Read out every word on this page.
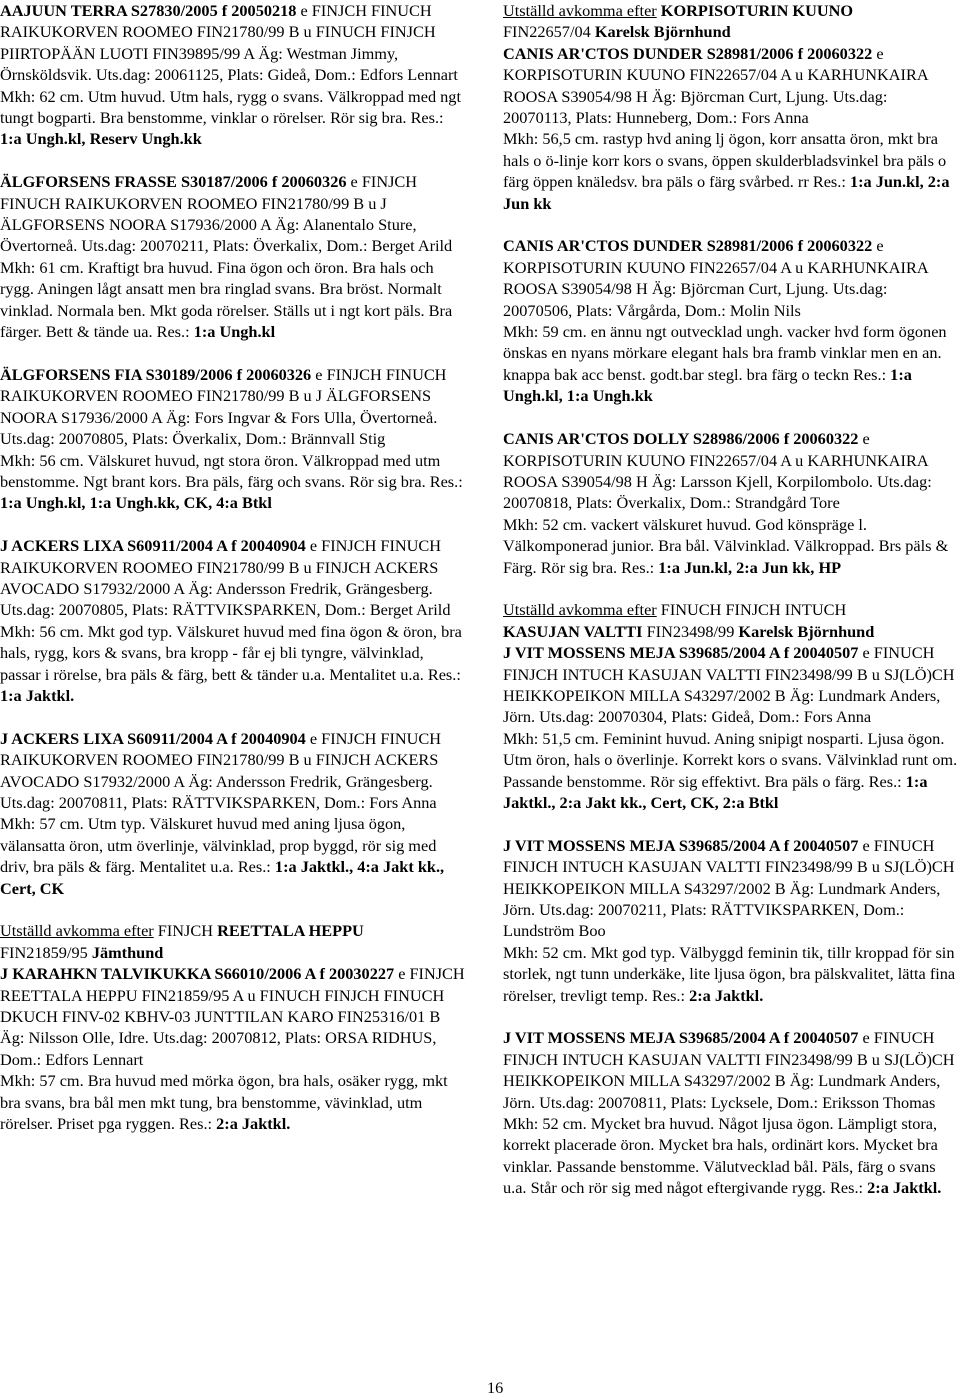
AAJUUN TERRA S27830/2005 f 20050218 e FINJCH FINUCH RAIKUKORVEN ROOMEO FIN21780/99 B u FINUCH FINJCH PIIRTOPÄÄN LUOTI FIN39895/99 A Äg: Westman Jimmy, Örnsköldsvik. Uts.dag: 20061125, Plats: Gideå, Dom.: Edfors Lennart

Mkh: 62 cm. Utm huvud. Utm hals, rygg o svans. Välkroppad med ngt tungt bogparti. Bra benstomme, vinklar o rörelser. Rör sig bra. Res.: 1:a Ungh.kl, Reserv Ungh.kk

ÄLGFORSENS FRASSE S30187/2006 f 20060326 e FINJCH FINUCH RAIKUKORVEN ROOMEO FIN21780/99 B u J ÄLGFORSENS NOORA S17936/2000 A Äg: Alanentalo Sture, Övertorneå. Uts.dag: 20070211, Plats: Överkalix, Dom.: Berget Arild

Mkh: 61 cm. Kraftigt bra huvud. Fina ögon och öron. Bra hals och rygg. Aningen lågt ansatt men bra ringlad svans. Bra bröst. Normalt vinklad. Normala ben. Mkt goda rörelser. Ställs ut i ngt kort päls. Bra färger. Bett & tände ua. Res.: 1:a Ungh.kl

ÄLGFORSENS FIA S30189/2006 f 20060326 e FINJCH FINUCH RAIKUKORVEN ROOMEO FIN21780/99 B u J ÄLGFORSENS NOORA S17936/2000 A Äg: Fors Ingvar & Fors Ulla, Övertorneå. Uts.dag: 20070805, Plats: Överkalix, Dom.: Brännvall Stig

Mkh: 56 cm. Välskuret huvud, ngt stora öron. Välkroppad med utm benstomme. Ngt brant kors. Bra päls, färg och svans. Rör sig bra. Res.: 1:a Ungh.kl, 1:a Ungh.kk, CK, 4:a Btkl

J ACKERS LIXA S60911/2004 A f 20040904 e FINJCH FINUCH RAIKUKORVEN ROOMEO FIN21780/99 B u FINJCH ACKERS AVOCADO S17932/2000 A Äg: Andersson Fredrik, Grängesberg. Uts.dag: 20070805, Plats: RÄTTVIKSPARKEN, Dom.: Berget Arild

Mkh: 56 cm. Mkt god typ. Välskuret huvud med fina ögon & öron, bra hals, rygg, kors & svans, bra kropp - får ej bli tyngre, välvinklad, passar i rörelse, bra päls & färg, bett & tänder u.a. Mentalitet u.a. Res.: 1:a Jaktkl.

J ACKERS LIXA S60911/2004 A f 20040904 e FINJCH FINUCH RAIKUKORVEN ROOMEO FIN21780/99 B u FINJCH ACKERS AVOCADO S17932/2000 A Äg: Andersson Fredrik, Grängesberg. Uts.dag: 20070811, Plats: RÄTTVIKSPARKEN, Dom.: Fors Anna

Mkh: 57 cm. Utm typ. Välskuret huvud med aning ljusa ögon, välansatta öron, utm överlinje, välvinklad, prop byggd, rör sig med driv, bra päls & färg. Mentalitet u.a. Res.: 1:a Jaktkl., 4:a Jakt kk., Cert, CK

Utställd avkomma efter FINJCH REETTALA HEPPU

FIN21859/95 Jämthund

J KARAHKN TALVIKUKKA S66010/2006 A f 20030227 e FINJCH REETTALA HEPPU FIN21859/95 A u FINUCH FINJCH FINUCH DKUCH FINV-02 KBHV-03 JUNTTILAN KARO FIN25316/01 B Äg: Nilsson Olle, Idre. Uts.dag: 20070812, Plats: ORSA RIDHUS, Dom.: Edfors Lennart

Mkh: 57 cm. Bra huvud med mörka ögon, bra hals, osäker rygg, mkt bra svans, bra bål men mkt tung, bra benstomme, vävinklad, utm rörelser. Priset pga ryggen. Res.: 2:a Jaktkl.

Utställd avkomma efter KORPISOTURIN KUUNO

FIN22657/04 Karelsk Björnhund

CANIS AR'CTOS DUNDER S28981/2006 f 20060322 e KORPISOTURIN KUUNO FIN22657/04 A u KARHUNKAIRA ROOSA S39054/98 H Äg: Björcman Curt, Ljung. Uts.dag: 20070113, Plats: Hunneberg, Dom.: Fors Anna

Mkh: 56,5 cm. rastyp hvd aning lj ögon, korr ansatta öron, mkt bra hals o ö-linje korr kors o svans, öppen skulderbladsvinkel bra päls o färg öppen knäledsv. bra päls o färg svårbed. rr Res.: 1:a Jun.kl, 2:a Jun kk

CANIS AR'CTOS DUNDER S28981/2006 f 20060322 e KORPISOTURIN KUUNO FIN22657/04 A u KARHUNKAIRA ROOSA S39054/98 H Äg: Björcman Curt, Ljung. Uts.dag: 20070506, Plats: Vårgårda, Dom.: Molin Nils

Mkh: 59 cm. en ännu ngt outvecklad ungh. vacker hvd form ögonen önskas en nyans mörkare elegant hals bra framb vinklar men en an. knappa bak acc benst. godt.bar stegl. bra färg o teckn Res.: 1:a Ungh.kl, 1:a Ungh.kk

CANIS AR'CTOS DOLLY S28986/2006 f 20060322 e KORPISOTURIN KUUNO FIN22657/04 A u KARHUNKAIRA ROOSA S39054/98 H Äg: Larsson Kjell, Korpilombolo. Uts.dag: 20070818, Plats: Överkalix, Dom.: Strandgård Tore

Mkh: 52 cm. vackert välskuret huvud. God könspräge l. Välkomponerad junior. Bra bål. Välvinklad. Välkroppad. Brs päls & Färg. Rör sig bra. Res.: 1:a Jun.kl, 2:a Jun kk, HP

Utställd avkomma efter FINUCH FINJCH INTUCH

KASUJAN VALTTI FIN23498/99 Karelsk Björnhund

J VIT MOSSENS MEJA S39685/2004 A f 20040507 e FINUCH FINJCH INTUCH KASUJAN VALTTI FIN23498/99 B u SJ(LÖ)CH HEIKKOPEIKON MILLA S43297/2002 B Äg: Lundmark Anders, Jörn. Uts.dag: 20070304, Plats: Gideå, Dom.: Fors Anna

Mkh: 51,5 cm. Feminint huvud. Aning snipigt nosparti. Ljusa ögon. Utm öron, hals o överlinje. Korrekt kors o svans. Välvinklad runt om. Passande benstomme. Rör sig effektivt. Bra päls o färg. Res.: 1:a Jaktkl., 2:a Jakt kk., Cert, CK, 2:a Btkl

J VIT MOSSENS MEJA S39685/2004 A f 20040507 e FINUCH FINJCH INTUCH KASUJAN VALTTI FIN23498/99 B u SJ(LÖ)CH HEIKKOPEIKON MILLA S43297/2002 B Äg: Lundmark Anders, Jörn. Uts.dag: 20070211, Plats: RÄTTVIKSPARKEN, Dom.: Lundström Boo

Mkh: 52 cm. Mkt god typ. Välbyggd feminin tik, tillr kroppad för sin storlek, ngt tunn underkäke, lite ljusa ögon, bra pälskvalitet, lätta fina rörelser, trevligt temp. Res.: 2:a Jaktkl.

J VIT MOSSENS MEJA S39685/2004 A f 20040507 e FINUCH FINJCH INTUCH KASUJAN VALTTI FIN23498/99 B u SJ(LÖ)CH HEIKKOPEIKON MILLA S43297/2002 B Äg: Lundmark Anders, Jörn. Uts.dag: 20070811, Plats: Lycksele, Dom.: Eriksson Thomas

Mkh: 52 cm. Mycket bra huvud. Något ljusa ögon. Lämpligt stora, korrekt placerade öron. Mycket bra hals, ordinärt kors. Mycket bra vinklar. Passande benstomme. Välutvecklad bål. Päls, färg o svans u.a. Står och rör sig med något eftergivande rygg. Res.: 2:a Jaktkl.

16
